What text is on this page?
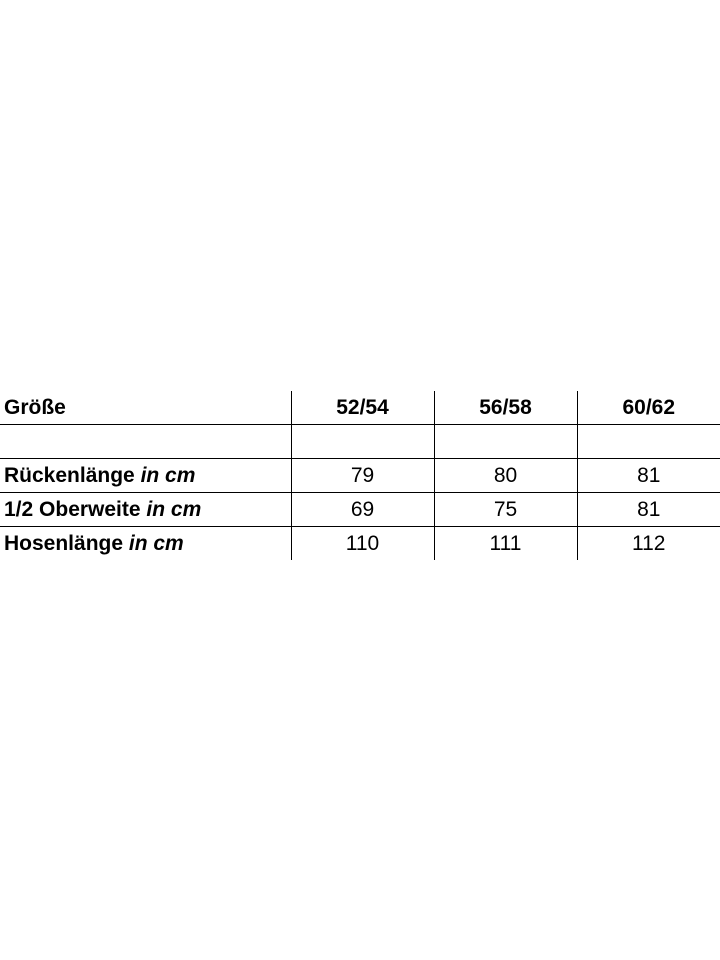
Größe	52/54	56/58	60/62

Rückenlänge in cm	79	80	81
1/2 Oberweite in cm	69	75	81
Hosenlänge in cm	110	111	112
